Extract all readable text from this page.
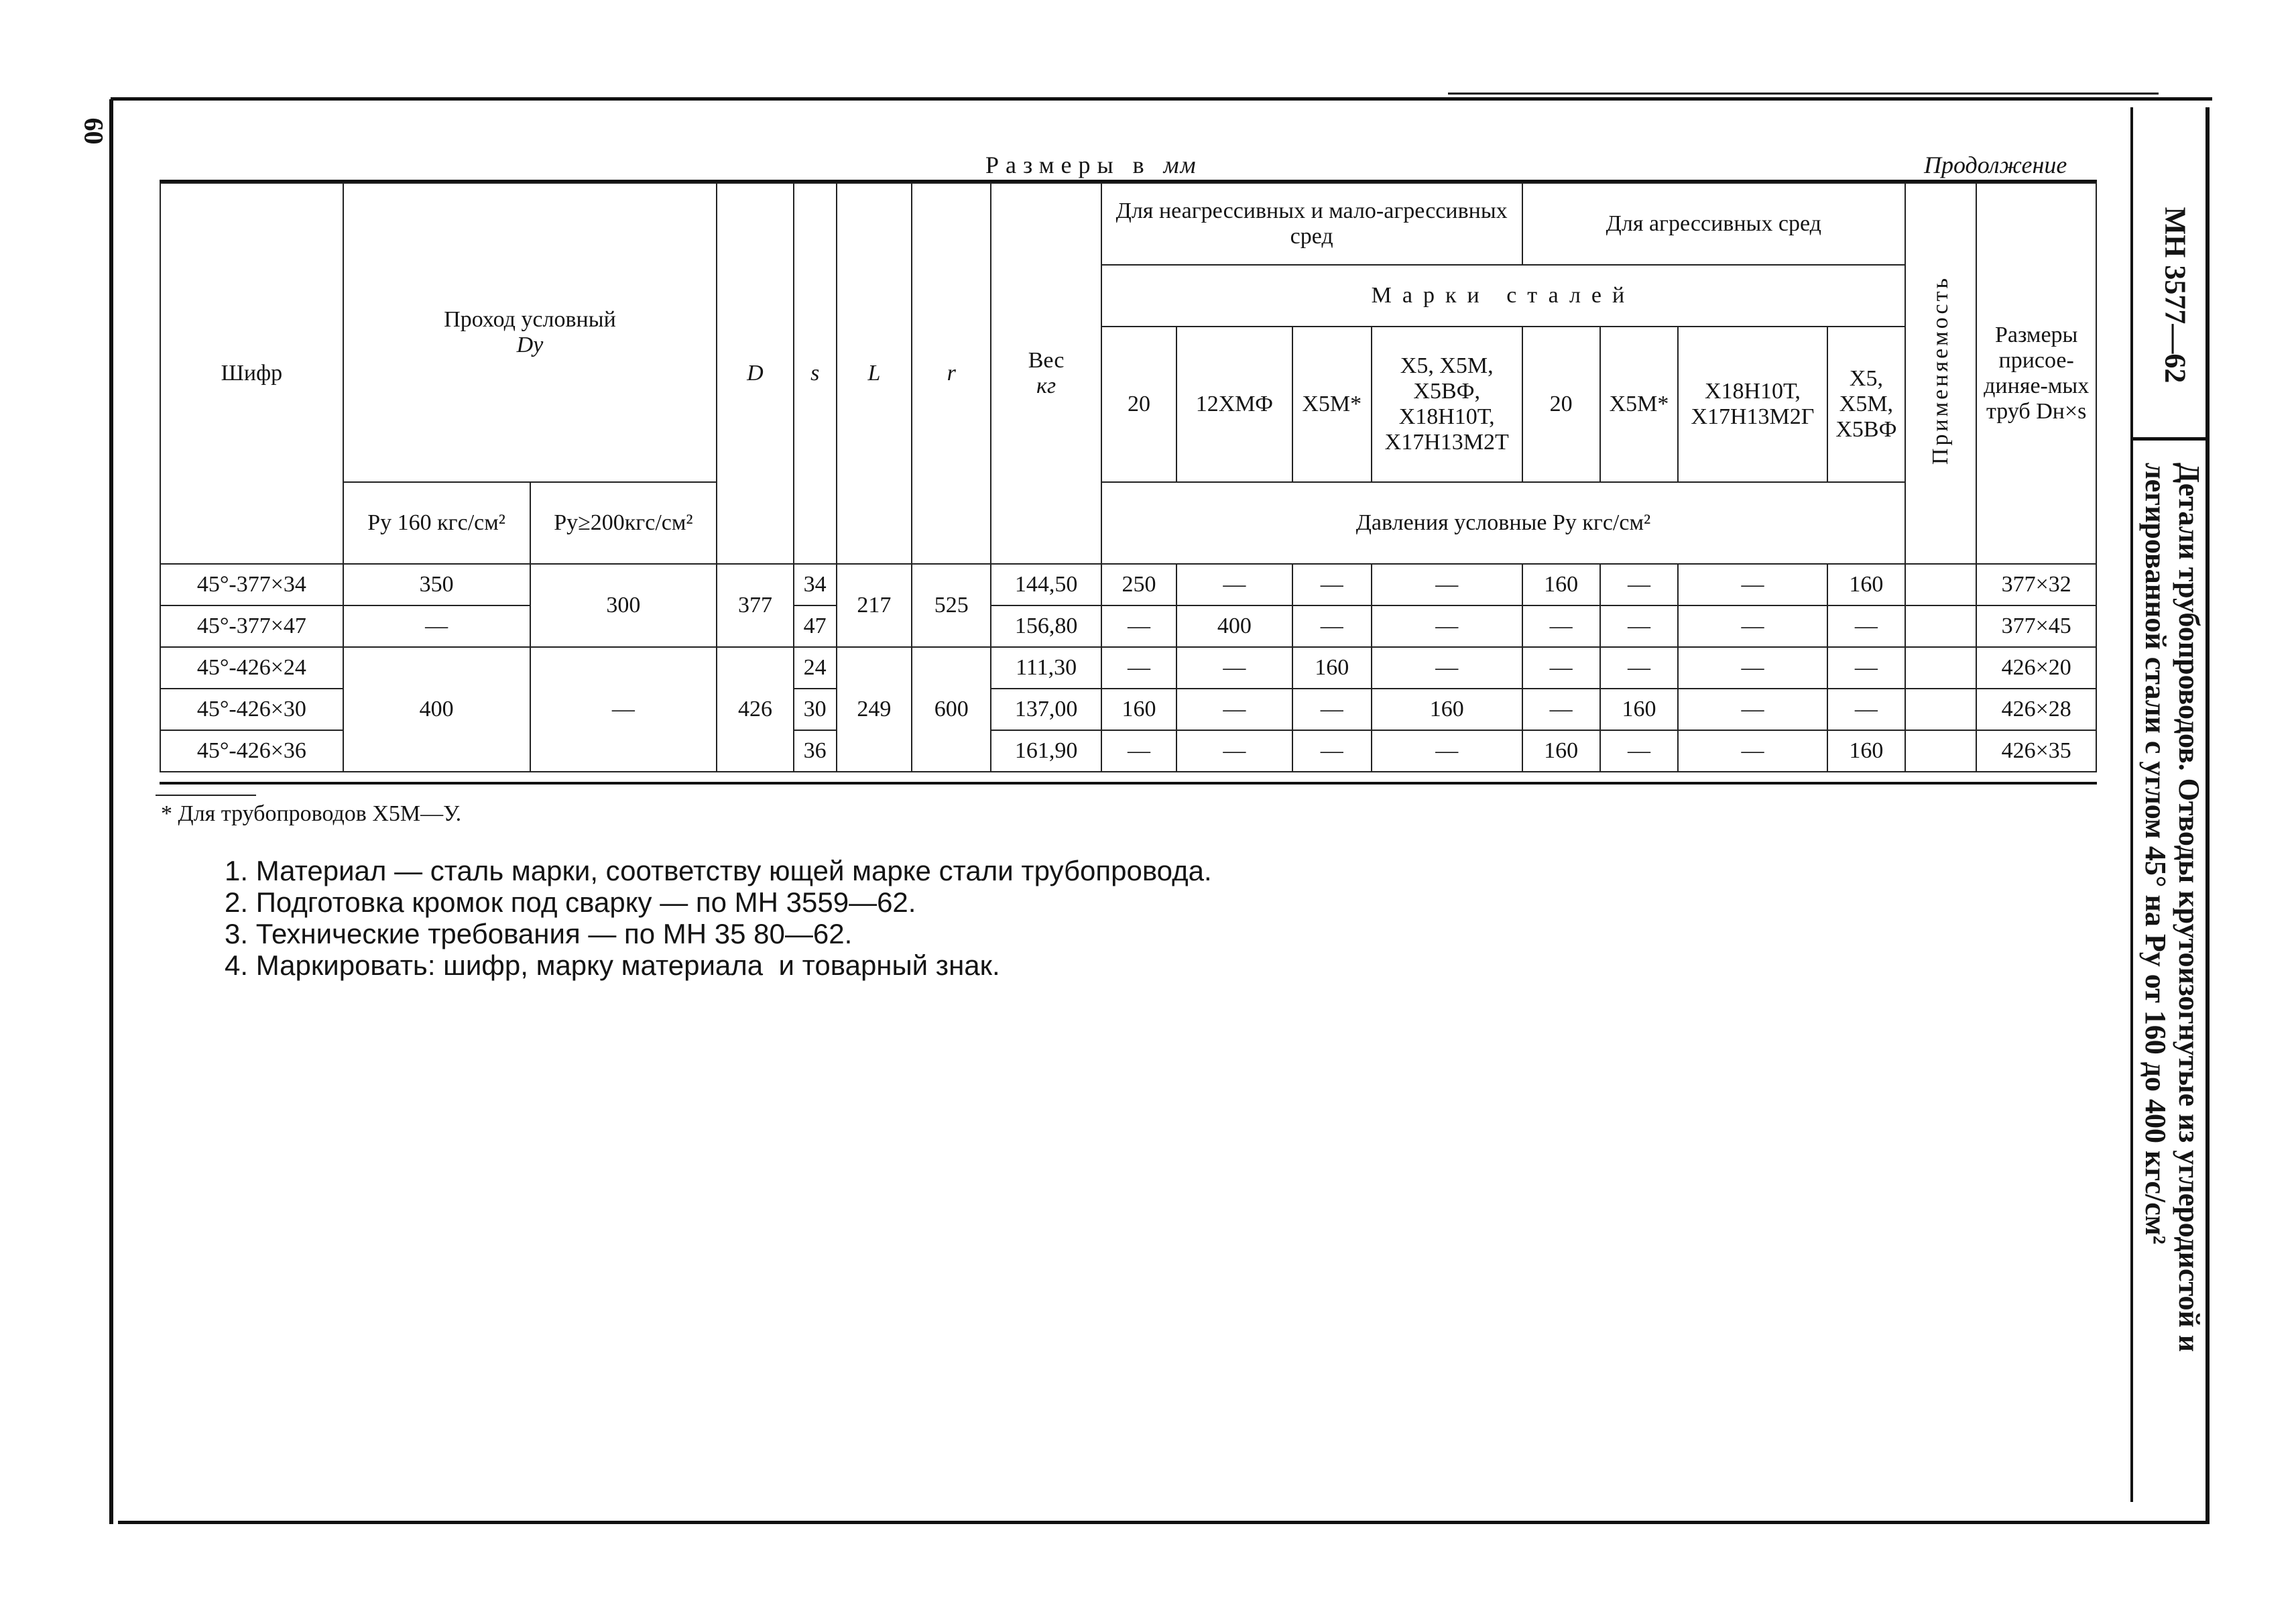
60
Размеры в мм	Продолжение
МН 3577—62
Детали трубопроводов. Отводы крутоизогнутые из углеродистой и легированной стали с углом 45° на Pу от 160 до 400 кгс/см²
Шифр	Проход условный
Dу		D	s	L	r	Вес
кг	Для неагрессивных и мало-агрессивных сред				Для агрессивных сред				Применяемость	Размеры присое-диняе-мых труб Dн×s
								Марки сталей									
								20	12ХМФ	Х5М*	Х5, Х5М, Х5ВФ, Х18Н10Т, Х17Н13М2Т	20	Х5М*	Х18Н10Т, Х17Н13М2Г	Х5, Х5М, Х5ВФ		
	Pу 160 кгс/см²	Pу≥200кгс/см²						Давления условные Pу кгс/см²									
45°-377×34	350	300	377	34	217	525	144,50	250	—	—	—	160	—	—	160		377×32
45°-377×47	—			47			156,80	—	400	—	—	—	—	—	—		377×45
45°-426×24	400	—	426	24	249	600	111,30	—	—	160	—	—	—	—	—		426×20
45°-426×30				30			137,00	160	—	—	160	—	160	—	—		426×28
45°-426×36				36			161,90	—	—	—	—	160	—	—	160		426×35
* Для трубопроводов Х5М—У.
1. Материал — сталь марки, соответству ющей марке стали трубопровода.
2. Подготовка кромок под сварку — по МН 3559—62.
3. Технические требования — по МН 35 80—62.
4. Маркировать: шифр, марку материала  и товарный знак.
